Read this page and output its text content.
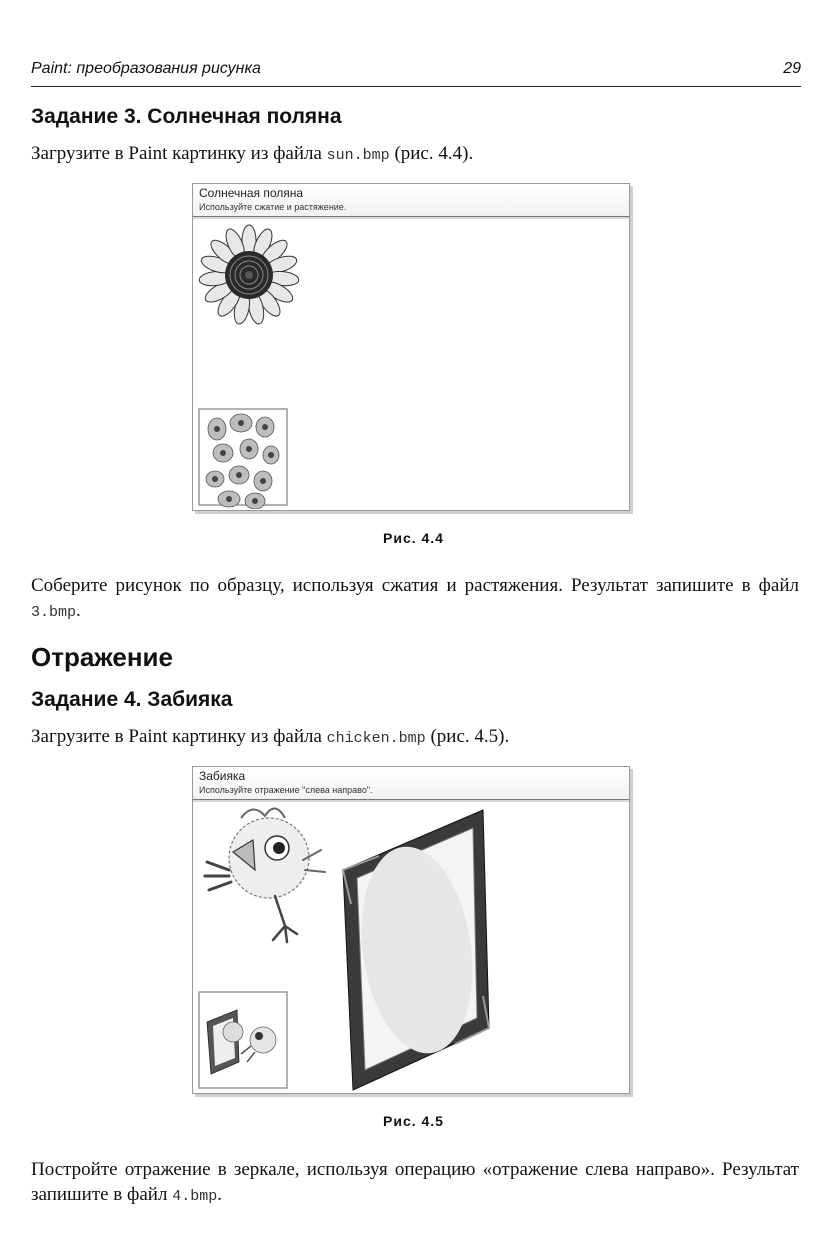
Paint: преобразования рисунка	29
Задание 3. Солнечная поляна
Загрузите в Paint картинку из файла sun.bmp (рис. 4.4).
Солнечная поляна
Используйте сжатие и растяжение.
Рис. 4.4
Соберите рисунок по образцу, используя сжатия и растяжения. Результат запишите в файл 3.bmp.
Отражение
Задание 4. Забияка
Загрузите в Paint картинку из файла chicken.bmp (рис. 4.5).
Забияка
Используйте отражение "слева направо".
Рис. 4.5
Постройте отражение в зеркале, используя операцию «отражение слева направо». Результат запишите в файл 4.bmp.
